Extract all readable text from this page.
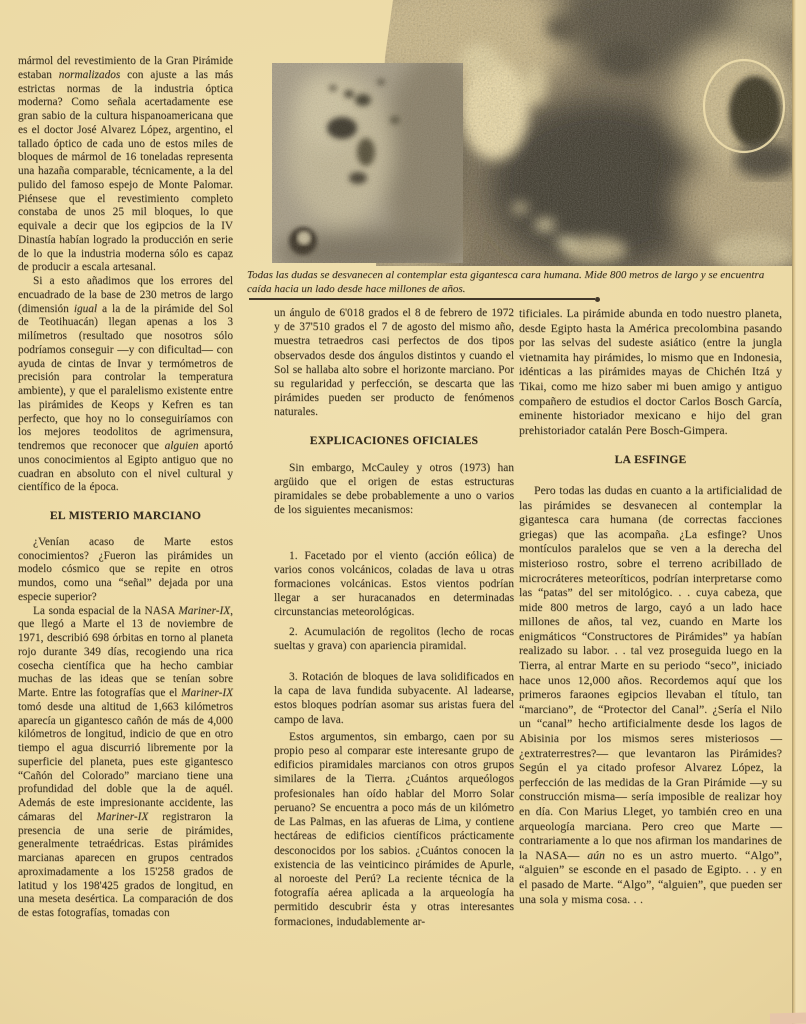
Todas las dudas se desvanecen al contemplar esta gigantesca cara humana. Mide 800 metros de largo y se encuentra caída hacia un lado desde hace millones de años.

mármol del revestimiento de la Gran Pirámide estaban normalizados con ajuste a las más estrictas normas de la industria óptica moderna? Como señala acertadamente ese gran sabio de la cultura hispanoamericana que es el doctor José Alvarez López, argentino, el tallado óptico de cada uno de estos miles de bloques de mármol de 16 toneladas representa una hazaña comparable, técnicamente, a la del pulido del famoso espejo de Monte Palomar. Piénsese que el revestimiento completo constaba de unos 25 mil bloques, lo que equivale a decir que los egipcios de la IV Dinastía habían logrado la producción en serie de lo que la industria moderna sólo es capaz de producir a escala artesanal.

Si a esto añadimos que los errores del encuadrado de la base de 230 metros de largo (dimensión igual a la de la pirámide del Sol de Teotihuacán) llegan apenas a los 3 milímetros (resultado que nosotros sólo podríamos conseguir —y con dificultad— con ayuda de cintas de Invar y termómetros de precisión para controlar la temperatura ambiente), y que el paralelismo existente entre las pirámides de Keops y Kefren es tan perfecto, que hoy no lo conseguiríamos con los mejores teodolitos de agrimensura, tendremos que reconocer que alguien aportó unos conocimientos al Egipto antiguo que no cuadran en absoluto con el nivel cultural y científico de la época.

EL MISTERIO MARCIANO

¿Venían acaso de Marte estos conocimientos? ¿Fueron las pirámides un modelo cósmico que se repite en otros mundos, como una “señal” dejada por una especie superior?

La sonda espacial de la NASA Mariner-IX, que llegó a Marte el 13 de noviembre de 1971, describió 698 órbitas en torno al planeta rojo durante 349 días, recogiendo una rica cosecha científica que ha hecho cambiar muchas de las ideas que se tenían sobre Marte. Entre las fotografías que el Mariner-IX tomó desde una altitud de 1,663 kilómetros aparecía un gigantesco cañón de más de 4,000 kilómetros de longitud, indicio de que en otro tiempo el agua discurrió libremente por la superficie del planeta, pues este gigantesco “Cañón del Colorado” marciano tiene una profundidad del doble que la de aquél. Además de este impresionante accidente, las cámaras del Mariner-IX registraron la presencia de una serie de pirámides, generalmente tetraédricas. Estas pirámides marcianas aparecen en grupos centrados aproximadamente a los 15'258 grados de latitud y los 198'425 grados de longitud, en una meseta desértica. La comparación de dos de estas fotografías, tomadas con

un ángulo de 6'018 grados el 8 de febrero de 1972 y de 37'510 grados el 7 de agosto del mismo año, muestra tetraedros casi perfectos de dos tipos observados desde dos ángulos distintos y cuando el Sol se hallaba alto sobre el horizonte marciano. Por su regularidad y perfección, se descarta que las pirámides pueden ser producto de fenómenos naturales.

EXPLICACIONES OFICIALES

Sin embargo, McCauley y otros (1973) han argüido que el origen de estas estructuras piramidales se debe probablemente a uno o varios de los siguientes mecanismos:

1. Facetado por el viento (acción eólica) de varios conos volcánicos, coladas de lava u otras formaciones volcánicas. Estos vientos podrían llegar a ser huracanados en determinadas circunstancias meteorológicas.

2. Acumulación de regolitos (lecho de rocas sueltas y grava) con apariencia piramidal.

3. Rotación de bloques de lava solidificados en la capa de lava fundida subyacente. Al ladearse, estos bloques podrían asomar sus aristas fuera del campo de lava.

Estos argumentos, sin embargo, caen por su propio peso al comparar este interesante grupo de edificios piramidales marcianos con otros grupos similares de la Tierra. ¿Cuántos arqueólogos profesionales han oído hablar del Morro Solar peruano? Se encuentra a poco más de un kilómetro de Las Palmas, en las afueras de Lima, y contiene hectáreas de edificios científicos prácticamente desconocidos por los sabios. ¿Cuántos conocen la existencia de las veinticinco pirámides de Apurle, al noroeste del Perú? La reciente técnica de la fotografía aérea aplicada a la arqueología ha permitido descubrir ésta y otras interesantes formaciones, indudablemente ar-

tificiales. La pirámide abunda en todo nuestro planeta, desde Egipto hasta la América precolombina pasando por las selvas del sudeste asiático (entre la jungla vietnamita hay pirámides, lo mismo que en Indonesia, idénticas a las pirámides mayas de Chichén Itzá y Tikai, como me hizo saber mi buen amigo y antiguo compañero de estudios el doctor Carlos Bosch García, eminente historiador mexicano e hijo del gran prehistoriador catalán Pere Bosch-Gimpera.

LA ESFINGE

Pero todas las dudas en cuanto a la artificialidad de las pirámides se desvanecen al contemplar la gigantesca cara humana (de correctas facciones griegas) que las acompaña. ¿La esfinge? Unos montículos paralelos que se ven a la derecha del misterioso rostro, sobre el terreno acribillado de microcráteres meteoríticos, podrían interpretarse como las “patas” del ser mitológico. . . cuya cabeza, que mide 800 metros de largo, cayó a un lado hace millones de años, tal vez, cuando en Marte los enigmáticos “Constructores de Pirámides” ya habían realizado su labor. . . tal vez proseguida luego en la Tierra, al entrar Marte en su periodo “seco”, iniciado hace unos 12,000 años. Recordemos aquí que los primeros faraones egipcios llevaban el título, tan “marciano”, de “Protector del Canal”. ¿Sería el Nilo un “canal” hecho artificialmente desde los lagos de Abisinia por los mismos seres misteriosos —¿extraterrestres?— que levantaron las Pirámides? Según el ya citado profesor Alvarez López, la perfección de las medidas de la Gran Pirámide —y su construcción misma— sería imposible de realizar hoy en día. Con Marius Lleget, yo también creo en una arqueología marciana. Pero creo que Marte —contrariamente a lo que nos afirman los mandarines de la NASA— aún no es un astro muerto. “Algo”, “alguien” se esconde en el pasado de Egipto. . . y en el pasado de Marte. “Algo”, “alguien”, que pueden ser una sola y misma cosa. . .
